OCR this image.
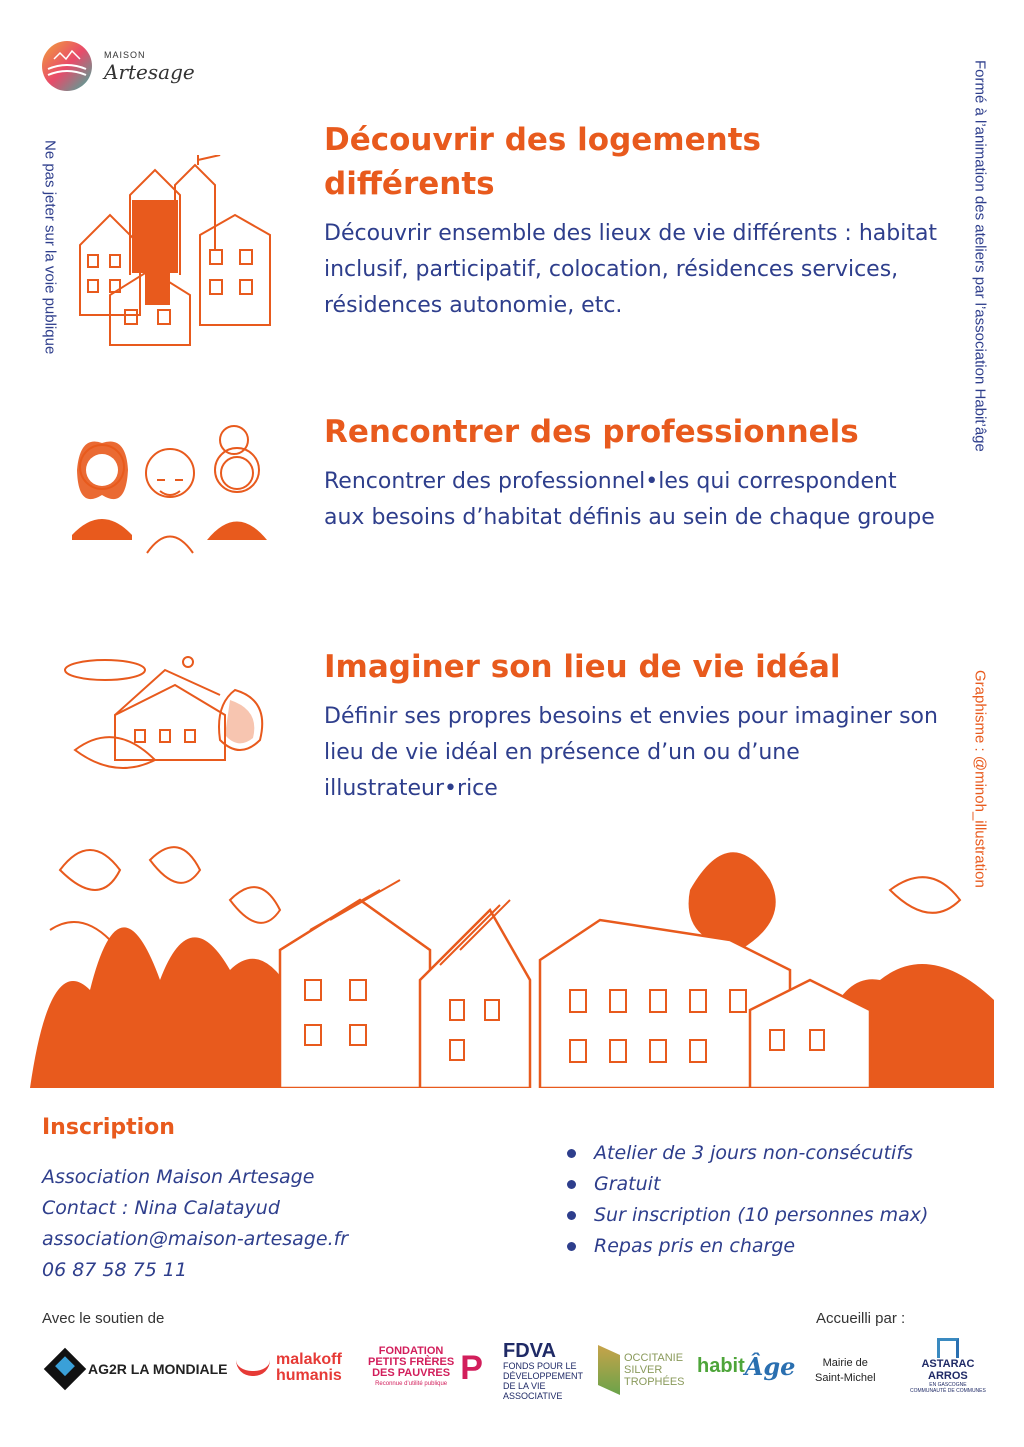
MAISON
Artesage
Ne pas jeter sur la voie publique	Formé à l’animation des ateliers par l’association Habit’âge
Graphisme : @minoh_illustration
Découvrir des logements
différents

Découvrir ensemble des lieux de vie différents : habitat inclusif, participatif, colocation, résidences services, résidences autonomie, etc.

Rencontrer des professionnels

Rencontrer des professionnel•les qui correspondent aux besoins d’habitat définis au sein de chaque groupe

Imaginer son lieu de vie idéal

Définir ses propres besoins et envies pour imaginer son lieu de vie idéal en présence d’un ou d’une illustrateur•rice

Inscription
Association Maison Artesage
Contact : Nina Calatayud
association@maison-artesage.fr
06 87 58 75 11
Atelier de 3 jours non-consécutifs
Gratuit
Sur inscription (10 personnes max)
Repas pris en charge
Avec le soutien de	Accueilli par :
AG2R LA MONDIALE
malakoff
humanis
FONDATION
PETITS FRÈRES
DES PAUVRES
Reconnue d’utilité publique P FDVA
FONDS POUR LE
DÉVELOPPEMENT
DE LA VIE
ASSOCIATIVE
OCCITANIE
SILVER
TROPHÉES
habit Âge Mairie de
Saint-Michel
ASTARAC
ARROS
EN GASCOGNE
COMMUNAUTÉ DE COMMUNES
